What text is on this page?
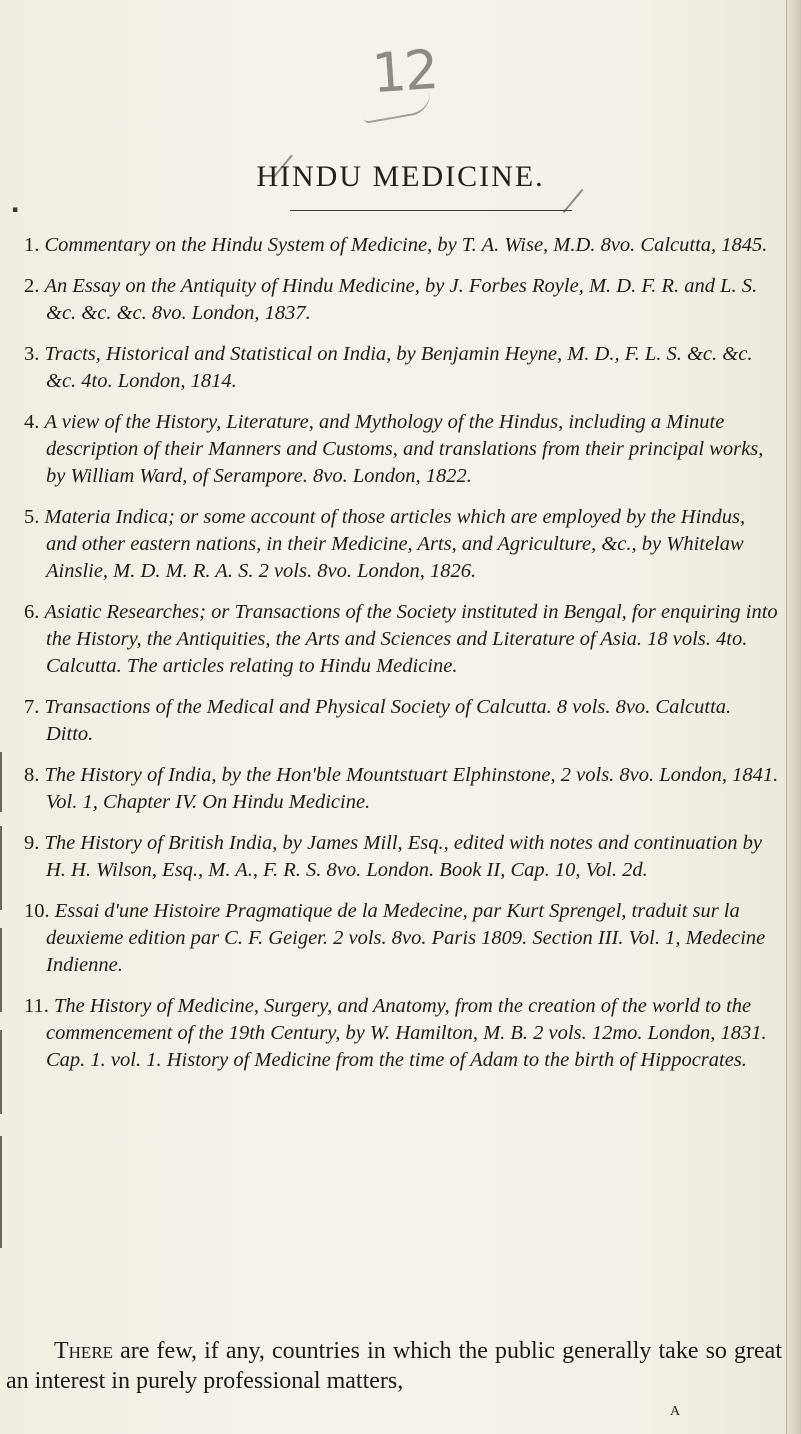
12
HINDU MEDICINE.
▪
1. Commentary on the Hindu System of Medicine, by T. A. Wise, M.D. 8vo. Calcutta, 1845.
2. An Essay on the Antiquity of Hindu Medicine, by J. Forbes Royle, M. D. F. R. and L. S. &c. &c. &c. 8vo. London, 1837.
3. Tracts, Historical and Statistical on India, by Benjamin Heyne, M. D., F. L. S. &c. &c. &c. 4to. London, 1814.
4. A view of the History, Literature, and Mythology of the Hindus, including a Minute description of their Manners and Customs, and translations from their principal works, by William Ward, of Serampore. 8vo. London, 1822.
5. Materia Indica; or some account of those articles which are employed by the Hindus, and other eastern nations, in their Medicine, Arts, and Agriculture, &c., by Whitelaw Ainslie, M. D. M. R. A. S. 2 vols. 8vo. London, 1826.
6. Asiatic Researches; or Transactions of the Society instituted in Bengal, for enquiring into the History, the Antiquities, the Arts and Sciences and Literature of Asia. 18 vols. 4to. Calcutta. The articles relating to Hindu Medicine.
7. Transactions of the Medical and Physical Society of Calcutta. 8 vols. 8vo. Calcutta. Ditto.
8. The History of India, by the Hon'ble Mountstuart Elphinstone, 2 vols. 8vo. London, 1841. Vol. 1, Chapter IV. On Hindu Medicine.
9. The History of British India, by James Mill, Esq., edited with notes and continuation by H. H. Wilson, Esq., M. A., F. R. S. 8vo. London. Book II, Cap. 10, Vol. 2d.
10. Essai d'une Histoire Pragmatique de la Medecine, par Kurt Sprengel, traduit sur la deuxieme edition par C. F. Geiger. 2 vols. 8vo. Paris 1809. Section III. Vol. 1, Medecine Indienne.
11. The History of Medicine, Surgery, and Anatomy, from the creation of the world to the commencement of the 19th Century, by W. Hamilton, M. B. 2 vols. 12mo. London, 1831. Cap. 1. vol. 1. History of Medicine from the time of Adam to the birth of Hippocrates.

There are few, if any, countries in which the public generally take so great an interest in purely professional matters,

A
